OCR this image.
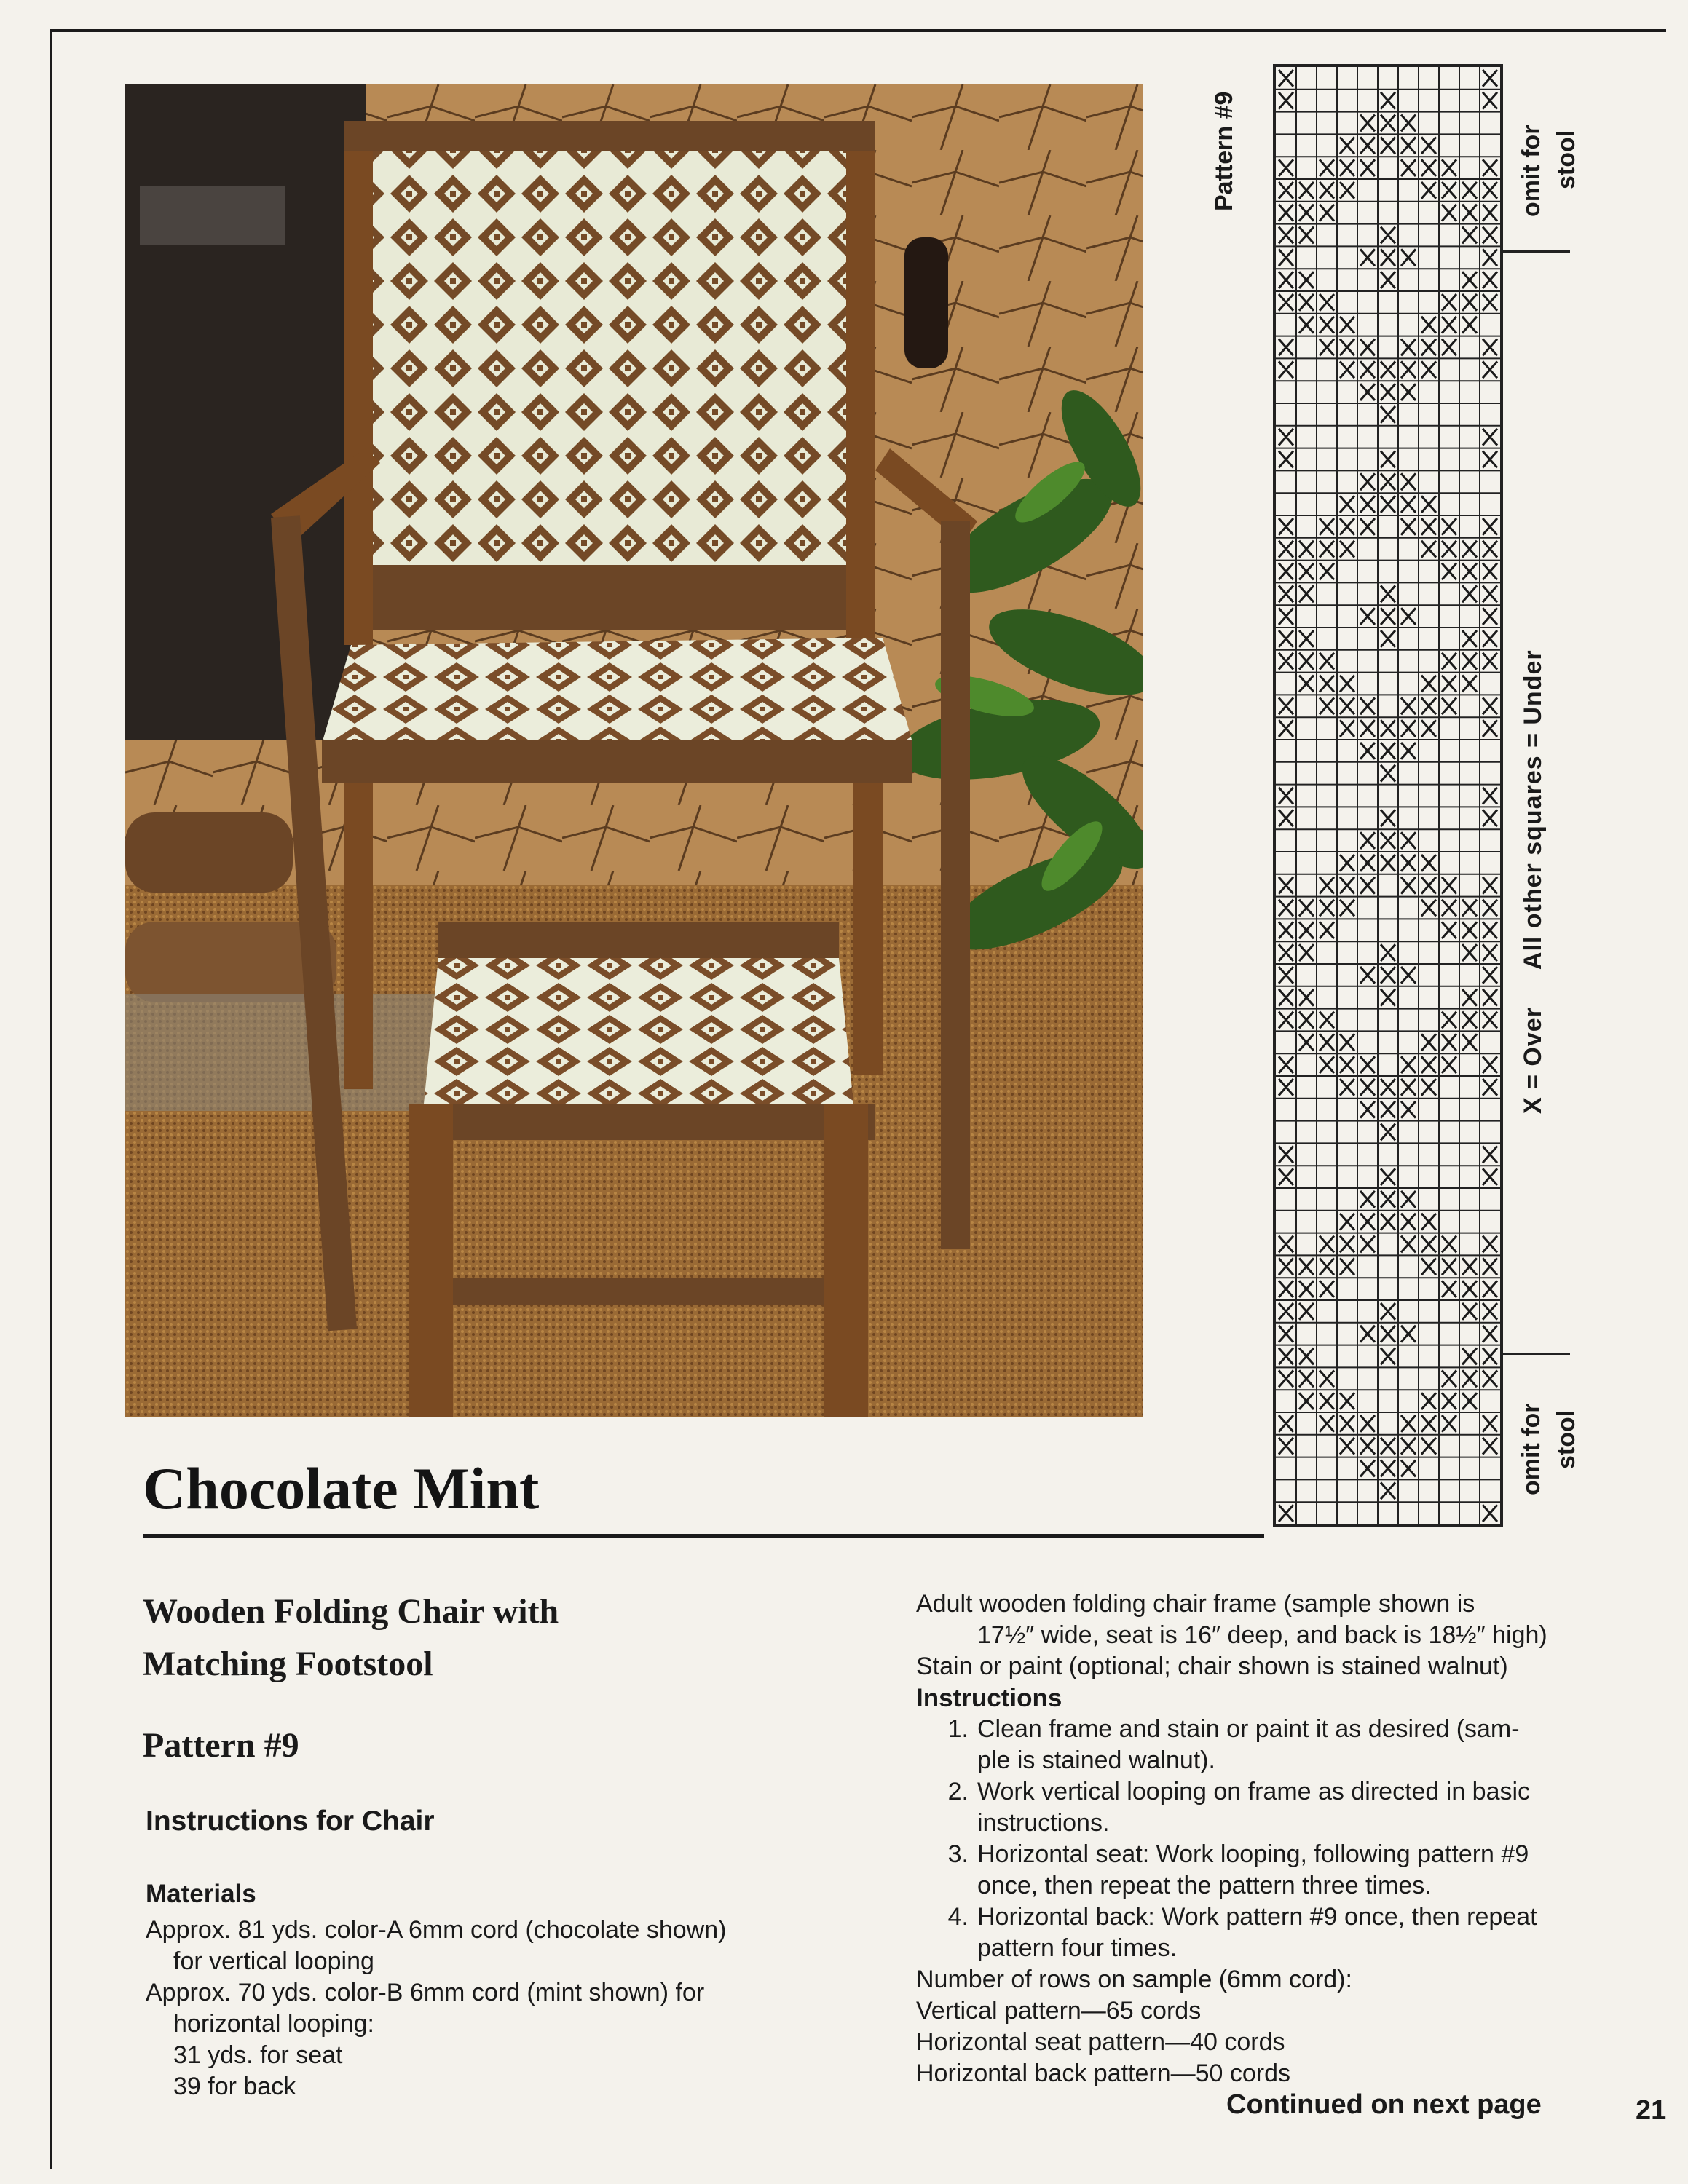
Pattern #9	omit for stool
X = Over     All other squares = Under
omit for stool
Chocolate Mint
Wooden Folding Chair with
Matching Footstool
Pattern #9
Instructions for Chair
Materials
Approx. 81 yds. color-A 6mm cord (chocolate shown)
for vertical looping
Approx. 70 yds. color-B 6mm cord (mint shown) for
horizontal looping:
31 yds. for seat
39 for back
Adult wooden folding chair frame (sample shown is
17½″ wide, seat is 16″ deep, and back is 18½″ high)
Stain or paint (optional; chair shown is stained walnut)
Instructions
1. Clean frame and stain or paint it as desired (sam-
ple is stained walnut).
2. Work vertical looping on frame as directed in basic
instructions.
3. Horizontal seat: Work looping, following pattern #9
once, then repeat the pattern three times.
4. Horizontal back: Work pattern #9 once, then repeat
pattern four times.
Number of rows on sample (6mm cord):
Vertical pattern—65 cords
Horizontal seat pattern—40 cords
Horizontal back pattern—50 cords
Continued on next page	21
